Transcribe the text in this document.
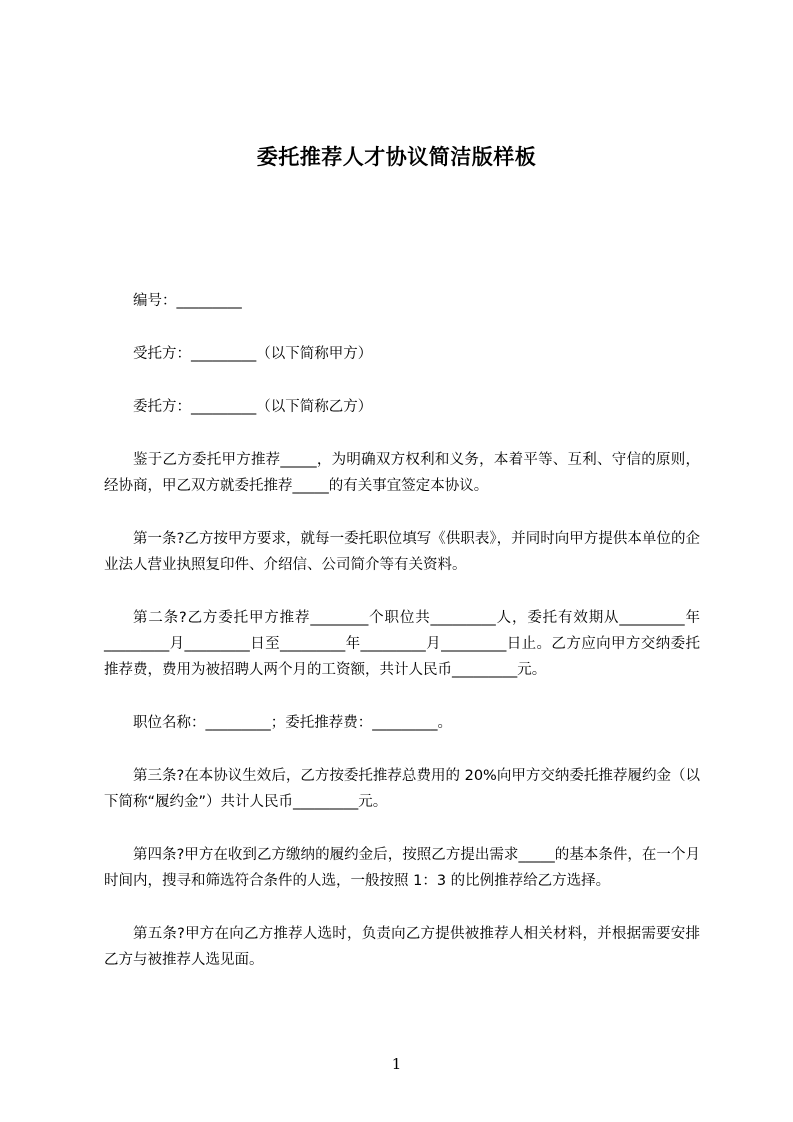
委托推荐人才协议简洁版样板

编号：_________

受托方：_________（以下简称甲方）

委托方：_________（以下简称乙方）

鉴于乙方委托甲方推荐_____，为明确双方权利和义务，本着平等、互利、守信的原则，经协商，甲乙双方就委托推荐_____的有关事宜签定本协议。

第一条?乙方按甲方要求，就每一委托职位填写《供职表》，并同时向甲方提供本单位的企业法人营业执照复印件、介绍信、公司简介等有关资料。

第二条?乙方委托甲方推荐________个职位共_________人，委托有效期从_________年_________月_________日至_________年_________月_________日止。乙方应向甲方交纳委托推荐费，费用为被招聘人两个月的工资额，共计人民币_________元。

职位名称：_________；委托推荐费：_________。

第三条?在本协议生效后，乙方按委托推荐总费用的 20%向甲方交纳委托推荐履约金（以下简称“履约金”）共计人民币_________元。

第四条?甲方在收到乙方缴纳的履约金后，按照乙方提出需求_____的基本条件，在一个月时间内，搜寻和筛选符合条件的人选，一般按照 1：3 的比例推荐给乙方选择。

第五条?甲方在向乙方推荐人选时，负责向乙方提供被推荐人相关材料，并根据需要安排乙方与被推荐人选见面。

1
